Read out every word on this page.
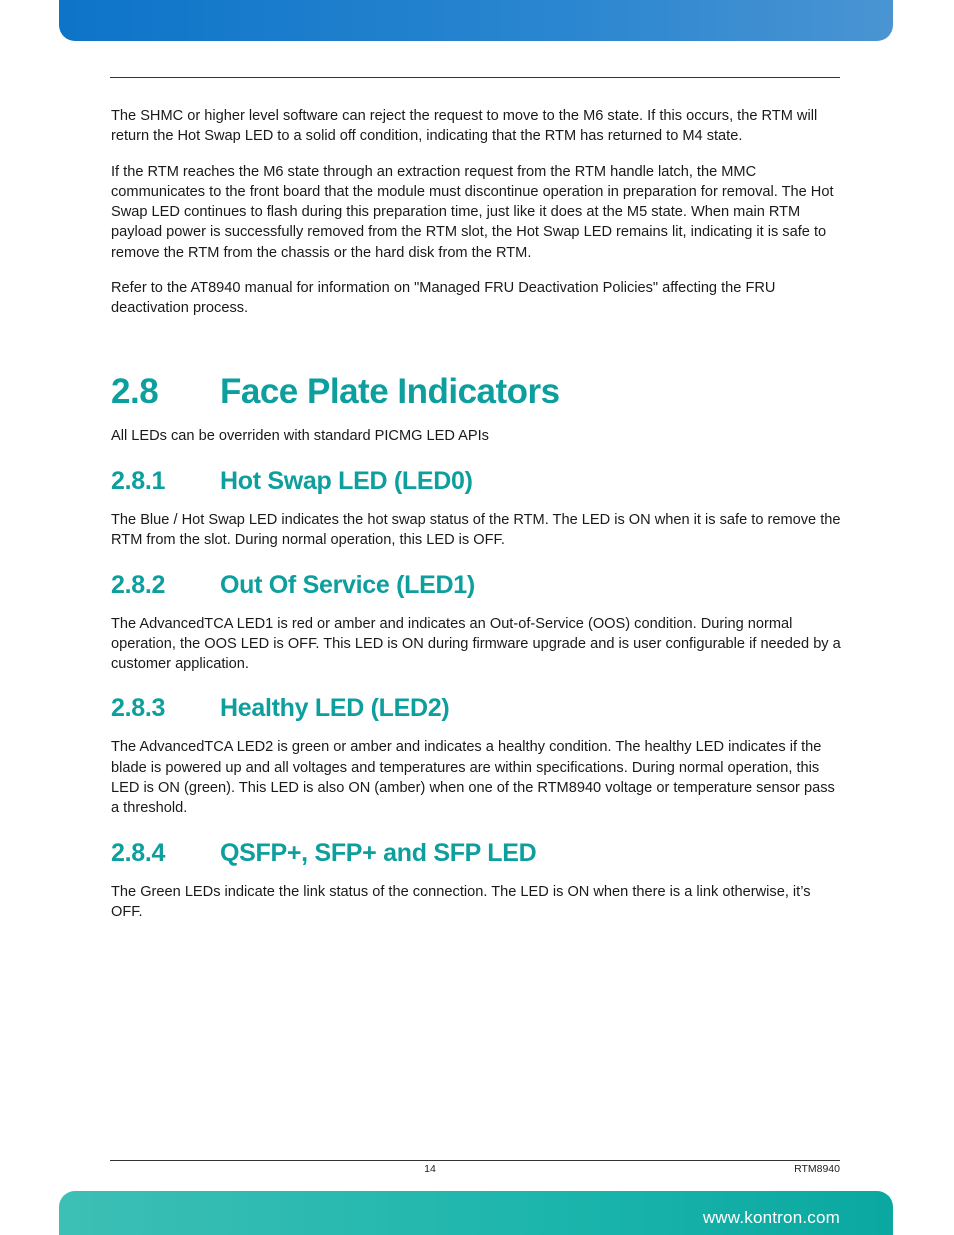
The SHMC or higher level software can reject the request to move to the M6 state. If this occurs, the RTM will return the Hot Swap LED to a solid off condition, indicating that the RTM has returned to M4 state.

If the RTM reaches the M6 state through an extraction request from the RTM handle latch, the MMC communicates to the front board that the module must discontinue operation in preparation for removal. The Hot Swap LED continues to flash during this preparation time, just like it does at the M5 state. When main RTM payload power is successfully removed from the RTM slot, the Hot Swap LED remains lit, indicating it is safe to remove the RTM from the chassis or the hard disk from the RTM.

Refer to the AT8940 manual for information on "Managed FRU Deactivation Policies" affecting the FRU deactivation process.

2.8	Face Plate Indicators

All LEDs can be overriden with standard PICMG LED APIs

2.8.1	Hot Swap LED (LED0)

The Blue / Hot Swap LED indicates the hot swap status of the RTM. The LED is ON when it is safe to remove the RTM from the slot. During normal operation, this LED is OFF.

2.8.2	Out Of Service (LED1)

The AdvancedTCA LED1 is red or amber and indicates an Out-of-Service (OOS) condition. During normal operation, the OOS LED is OFF. This LED is ON during firmware upgrade and is user configurable if needed by a customer application.

2.8.3	Healthy LED (LED2)

The AdvancedTCA LED2 is green or amber and indicates a healthy condition. The healthy LED indicates if the blade is powered up and all voltages and temperatures are within specifications. During normal operation, this LED is ON (green). This LED is also ON (amber) when one of the RTM8940 voltage or temperature sensor pass a threshold.

2.8.4	QSFP+, SFP+ and SFP LED

The Green LEDs indicate the link status of the connection. The LED is ON when there is a link otherwise, it’s OFF.

14	RTM8940
www.kontron.com
